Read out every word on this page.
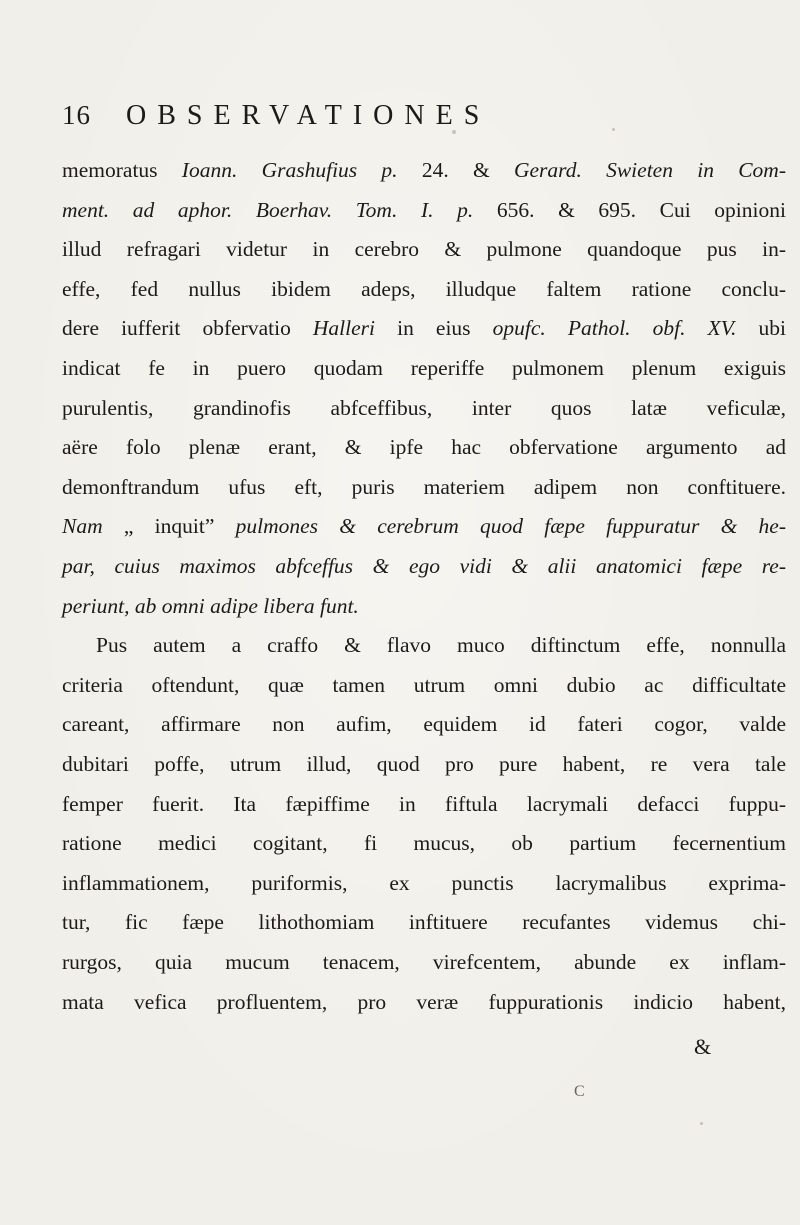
16 OBSERVATIONES
memoratus Ioann. Grashufius p. 24. & Gerard. Swieten in Com-
ment. ad aphor. Boerhav. Tom. I. p. 656. & 695. Cui opinioni
illud refragari videtur in cerebro & pulmone quandoque pus in-
effe, fed nullus ibidem adeps, illudque faltem ratione conclu-
dere iufferit obfervatio Halleri in eius opufc. Pathol. obf. XV. ubi
indicat fe in puero quodam reperiffe pulmonem plenum exiguis
purulentis, grandinofis abfceffibus, inter quos latæ veficulæ,
aëre folo plenæ erant, & ipfe hac obfervatione argumento ad
demonftrandum ufus eft, puris materiem adipem non conftituere.
Nam „ inquit” pulmones & cerebrum quod fæpe fuppuratur & he-
par, cuius maximos abfceffus & ego vidi & alii anatomici fæpe re-
periunt, ab omni adipe libera funt.
Pus autem a craffo & flavo muco diftinctum effe, nonnulla
criteria oftendunt, quæ tamen utrum omni dubio ac difficultate
careant, affirmare non aufim, equidem id fateri cogor, valde
dubitari poffe, utrum illud, quod pro pure habent, re vera tale
femper fuerit. Ita fæpiffime in fiftula lacrymali defacci fuppu-
ratione medici cogitant, fi mucus, ob partium fecernentium
inflammationem, puriformis, ex punctis lacrymalibus exprima-
tur, fic fæpe lithothomiam inftituere recufantes videmus chi-
rurgos, quia mucum tenacem, virefcentem, abunde ex inflam-
mata vefica profluentem, pro veræ fuppurationis indicio habent,
&
C
